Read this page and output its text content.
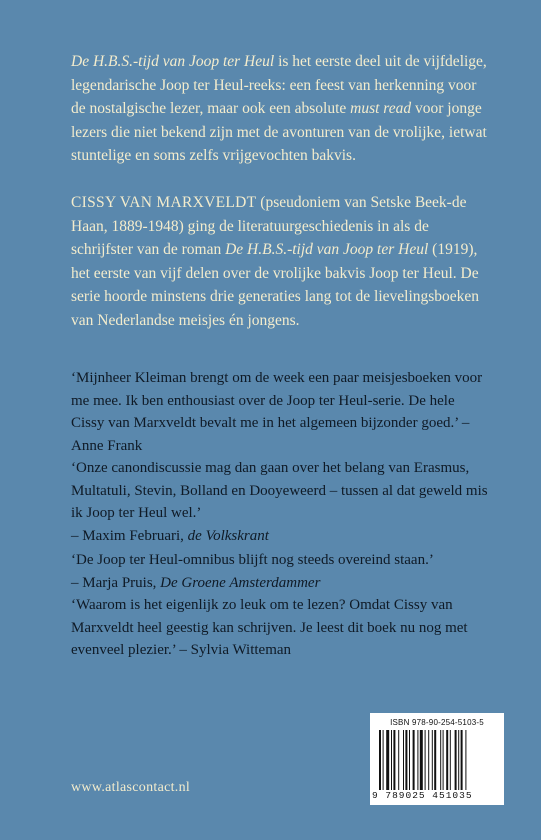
De H.B.S.-tijd van Joop ter Heul is het eerste deel uit de vijfdelige, legendarische Joop ter Heul-reeks: een feest van herkenning voor de nostalgische lezer, maar ook een absolute must read voor jonge lezers die niet bekend zijn met de avonturen van de vrolijke, ietwat stuntelige en soms zelfs vrijgevochten bakvis.

CISSY VAN MARXVELDT (pseudoniem van Setske Beek-de Haan, 1889-1948) ging de literatuurgeschiedenis in als de schrijfster van de roman De H.B.S.-tijd van Joop ter Heul (1919), het eerste van vijf delen over de vrolijke bakvis Joop ter Heul. De serie hoorde minstens drie generaties lang tot de lievelingsboeken van Nederlandse meisjes én jongens.

‘Mijnheer Kleiman brengt om de week een paar meisjesboeken voor me mee. Ik ben enthousiast over de Joop ter Heul-serie. De hele Cissy van Marxveldt bevalt me in het algemeen bijzonder goed.’ – Anne Frank

‘Onze canondiscussie mag dan gaan over het belang van Erasmus, Multatuli, Stevin, Bolland en Dooyeweerd – tussen al dat geweld mis ik Joop ter Heul wel.’
– Maxim Februari, de Volkskrant

‘De Joop ter Heul-omnibus blijft nog steeds overeind staan.’
– Marja Pruis, De Groene Amsterdammer

‘Waarom is het eigenlijk zo leuk om te lezen? Omdat Cissy van Marxveldt heel geestig kan schrijven. Je leest dit boek nu nog met evenveel plezier.’ – Sylvia Witteman

ISBN 978-90-254-5103-5
9 789025 451035
www.atlascontact.nl
